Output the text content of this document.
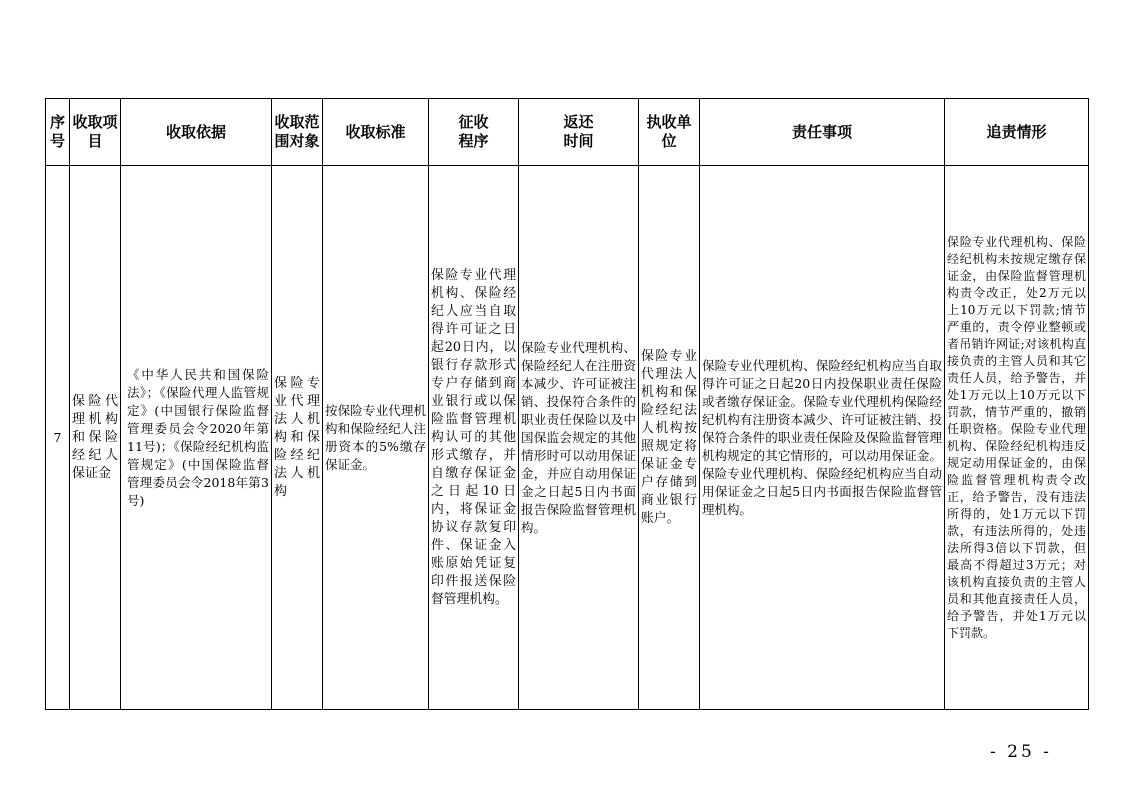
序号	收取项目	收取依据	收取范围对象	收取标准	征收程序	返还时间	执收单位	责任事项	追责情形
7	保险代理机构和保险经纪人保证金	《中华人民共和国保险法》；《保险代理人监管规定》(中国银行保险监督管理委员会令2020年第11号)；《保险经纪机构监管规定》(中国保险监督管理委员会令2018年第3号)	保险专业代理法人机构和保险经纪法人机构	按保险专业代理机构和保险经纪人注册资本的5%缴存保证金。	保险专业代理机构、保险经纪人应当自取得许可证之日起20日内，以银行存款形式专户存储到商业银行或以保险监督管理机构认可的其他形式缴存，并自缴存保证金之日起10日内，将保证金协议存款复印件、保证金入账原始凭证复印件报送保险督管理机构。	保险专业代理机构、保险经纪人在注册资本减少、许可证被注销、投保符合条件的职业责任保险以及中国保监会规定的其他情形时可以动用保证金，并应自动用保证金之日起5日内书面报告保险监督管理机构。	保险专业代理法人机构和保险经纪法人机构按照规定将保证金专户存储到商业银行账户。	保险专业代理机构、保险经纪机构应当自取得许可证之日起20日内投保职业责任保险或者缴存保证金。保险专业代理机构保险经纪机构有注册资本减少、许可证被注销、投保符合条件的职业责任保险及保险监督管理机构规定的其它情形的，可以动用保证金。保险专业代理机构、保险经纪机构应当自动用保证金之日起5日内书面报告保险监督管理机构。	保险专业代理机构、保险经纪机构未按规定缴存保证金，由保险监督管理机构责令改正，处2万元以上10万元以下罚款;情节严重的，责令停业整顿或者吊销许网证;对该机构直接负责的主管人员和其它责任人员，给予警告，并处1万元以上10万元以下罚款，情节严重的，撤销任职资格。保险专业代理机构、保险经纪机构违反规定动用保证金的，由保险监督管理机构责令改正，给予警告，没有违法所得的，处1万元以下罚款，有违法所得的，处违法所得3倍以下罚款，但最高不得超过3万元；对该机构直接负责的主管人员和其他直接责任人员，给予警告，并处1万元以下罚款。
- 25 -
